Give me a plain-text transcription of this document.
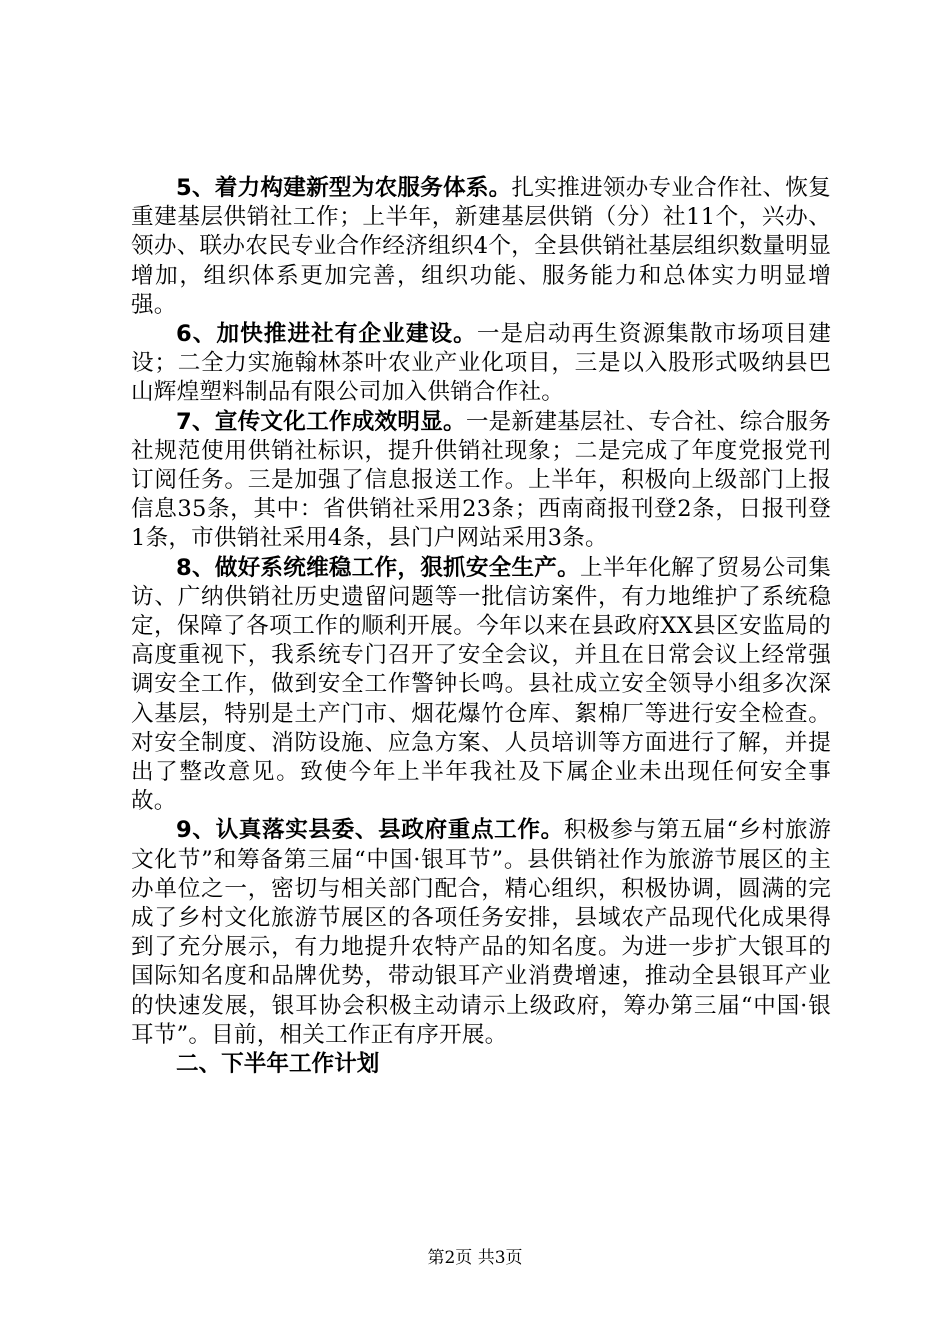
5、着力构建新型为农服务体系。扎实推进领办专业合作社、恢复重建基层供销社工作；上半年，新建基层供销（分）社11个，兴办、领办、联办农民专业合作经济组织4个，全县供销社基层组织数量明显增加，组织体系更加完善，组织功能、服务能力和总体实力明显增强。

6、加快推进社有企业建设。一是启动再生资源集散市场项目建设；二全力实施翰林茶叶农业产业化项目，三是以入股形式吸纳县巴山辉煌塑料制品有限公司加入供销合作社。

7、宣传文化工作成效明显。一是新建基层社、专合社、综合服务社规范使用供销社标识，提升供销社现象；二是完成了年度党报党刊订阅任务。三是加强了信息报送工作。上半年，积极向上级部门上报信息35条，其中：省供销社采用23条；西南商报刊登2条，日报刊登1条，市供销社采用4条，县门户网站采用3条。

8、做好系统维稳工作，狠抓安全生产。上半年化解了贸易公司集访、广纳供销社历史遗留问题等一批信访案件，有力地维护了系统稳定，保障了各项工作的顺利开展。今年以来在县政府XX县区安监局的高度重视下，我系统专门召开了安全会议，并且在日常会议上经常强调安全工作，做到安全工作警钟长鸣。县社成立安全领导小组多次深入基层，特别是土产门市、烟花爆竹仓库、絮棉厂等进行安全检查。对安全制度、消防设施、应急方案、人员培训等方面进行了解，并提出了整改意见。致使今年上半年我社及下属企业未出现任何安全事故。

9、认真落实县委、县政府重点工作。积极参与第五届“乡村旅游文化节”和筹备第三届“中国·银耳节”。县供销社作为旅游节展区的主办单位之一，密切与相关部门配合，精心组织，积极协调，圆满的完成了乡村文化旅游节展区的各项任务安排，县域农产品现代化成果得到了充分展示，有力地提升农特产品的知名度。为进一步扩大银耳的国际知名度和品牌优势，带动银耳产业消费增速，推动全县银耳产业的快速发展，银耳协会积极主动请示上级政府，筹办第三届“中国·银耳节”。目前，相关工作正有序开展。

二、下半年工作计划

第2页 共3页
